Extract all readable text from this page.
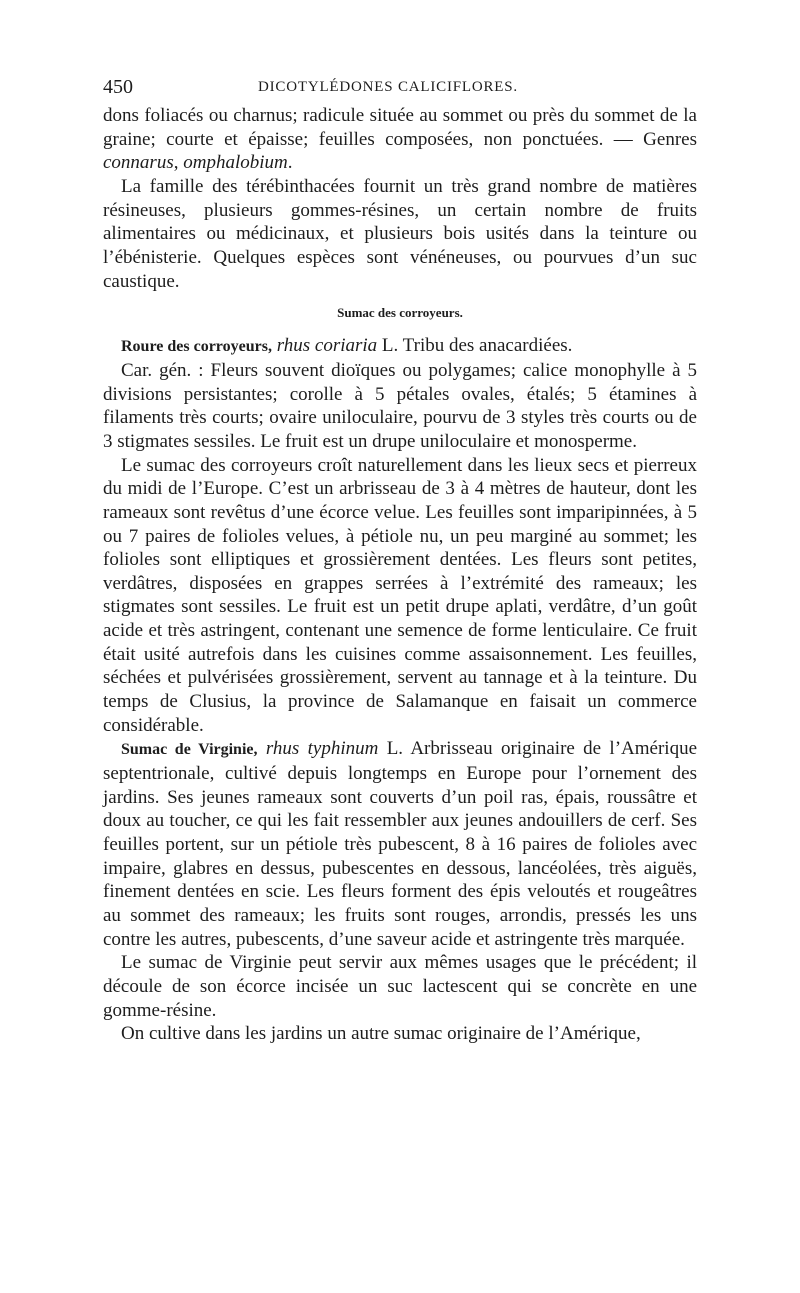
450	DICOTYLÉDONES CALICIFLORES.

dons foliacés ou charnus; radicule située au sommet ou près du sommet de la graine; courte et épaisse; feuilles composées, non ponctuées. — Genres connarus, omphalobium.

La famille des térébinthacées fournit un très grand nombre de matières résineuses, plusieurs gommes-résines, un certain nombre de fruits alimentaires ou médicinaux, et plusieurs bois usités dans la teinture ou l’ébénisterie. Quelques espèces sont vénéneuses, ou pourvues d’un suc caustique.

Sumac des corroyeurs.

Roure des corroyeurs, rhus coriaria L. Tribu des anacardiées.

Car. gén. : Fleurs souvent dioïques ou polygames; calice monophylle à 5 divisions persistantes; corolle à 5 pétales ovales, étalés; 5 étamines à filaments très courts; ovaire uniloculaire, pourvu de 3 styles très courts ou de 3 stigmates sessiles. Le fruit est un drupe uniloculaire et monosperme.

Le sumac des corroyeurs croît naturellement dans les lieux secs et pierreux du midi de l’Europe. C’est un arbrisseau de 3 à 4 mètres de hauteur, dont les rameaux sont revêtus d’une écorce velue. Les feuilles sont imparipinnées, à 5 ou 7 paires de folioles velues, à pétiole nu, un peu marginé au sommet; les folioles sont elliptiques et grossièrement dentées. Les fleurs sont petites, verdâtres, disposées en grappes serrées à l’extrémité des rameaux; les stigmates sont sessiles. Le fruit est un petit drupe aplati, verdâtre, d’un goût acide et très astringent, contenant une semence de forme lenticulaire. Ce fruit était usité autrefois dans les cuisines comme assaisonnement. Les feuilles, séchées et pulvérisées grossièrement, servent au tannage et à la teinture. Du temps de Clusius, la province de Salamanque en faisait un commerce considérable.

Sumac de Virginie, rhus typhinum L. Arbrisseau originaire de l’Amérique septentrionale, cultivé depuis longtemps en Europe pour l’ornement des jardins. Ses jeunes rameaux sont couverts d’un poil ras, épais, roussâtre et doux au toucher, ce qui les fait ressembler aux jeunes andouillers de cerf. Ses feuilles portent, sur un pétiole très pubescent, 8 à 16 paires de folioles avec impaire, glabres en dessus, pubescentes en dessous, lancéolées, très aiguës, finement dentées en scie. Les fleurs forment des épis veloutés et rougeâtres au sommet des rameaux; les fruits sont rouges, arrondis, pressés les uns contre les autres, pubescents, d’une saveur acide et astringente très marquée.

Le sumac de Virginie peut servir aux mêmes usages que le précédent; il découle de son écorce incisée un suc lactescent qui se concrète en une gomme-résine.

On cultive dans les jardins un autre sumac originaire de l’Amérique,
